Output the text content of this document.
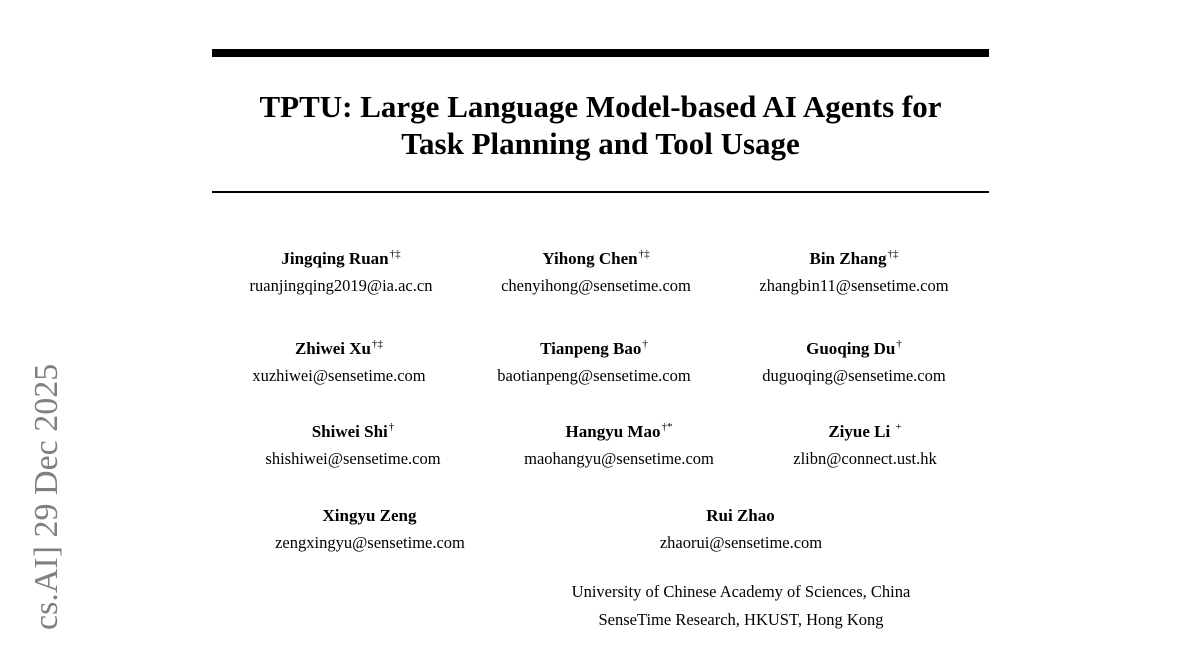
cs.AI] 29 Dec 2025
TPTU: Large Language Model-based AI Agents for
Task Planning and Tool Usage
Jingqing Ruan†‡
ruanjingqing2019@ia.ac.cn
Yihong Chen†‡
chenyihong@sensetime.com
Bin Zhang†‡
zhangbin11@sensetime.com
Zhiwei Xu†‡
xuzhiwei@sensetime.com
Tianpeng Bao†
baotianpeng@sensetime.com
Guoqing Du†
duguoqing@sensetime.com
Shiwei Shi†
shishiwei@sensetime.com
Hangyu Mao†*
maohangyu@sensetime.com
Ziyue Li +
zlibn@connect.ust.hk
Xingyu Zeng
zengxingyu@sensetime.com
Rui Zhao
zhaorui@sensetime.com
University of Chinese Academy of Sciences, China
SenseTime Research, HKUST, Hong Kong
